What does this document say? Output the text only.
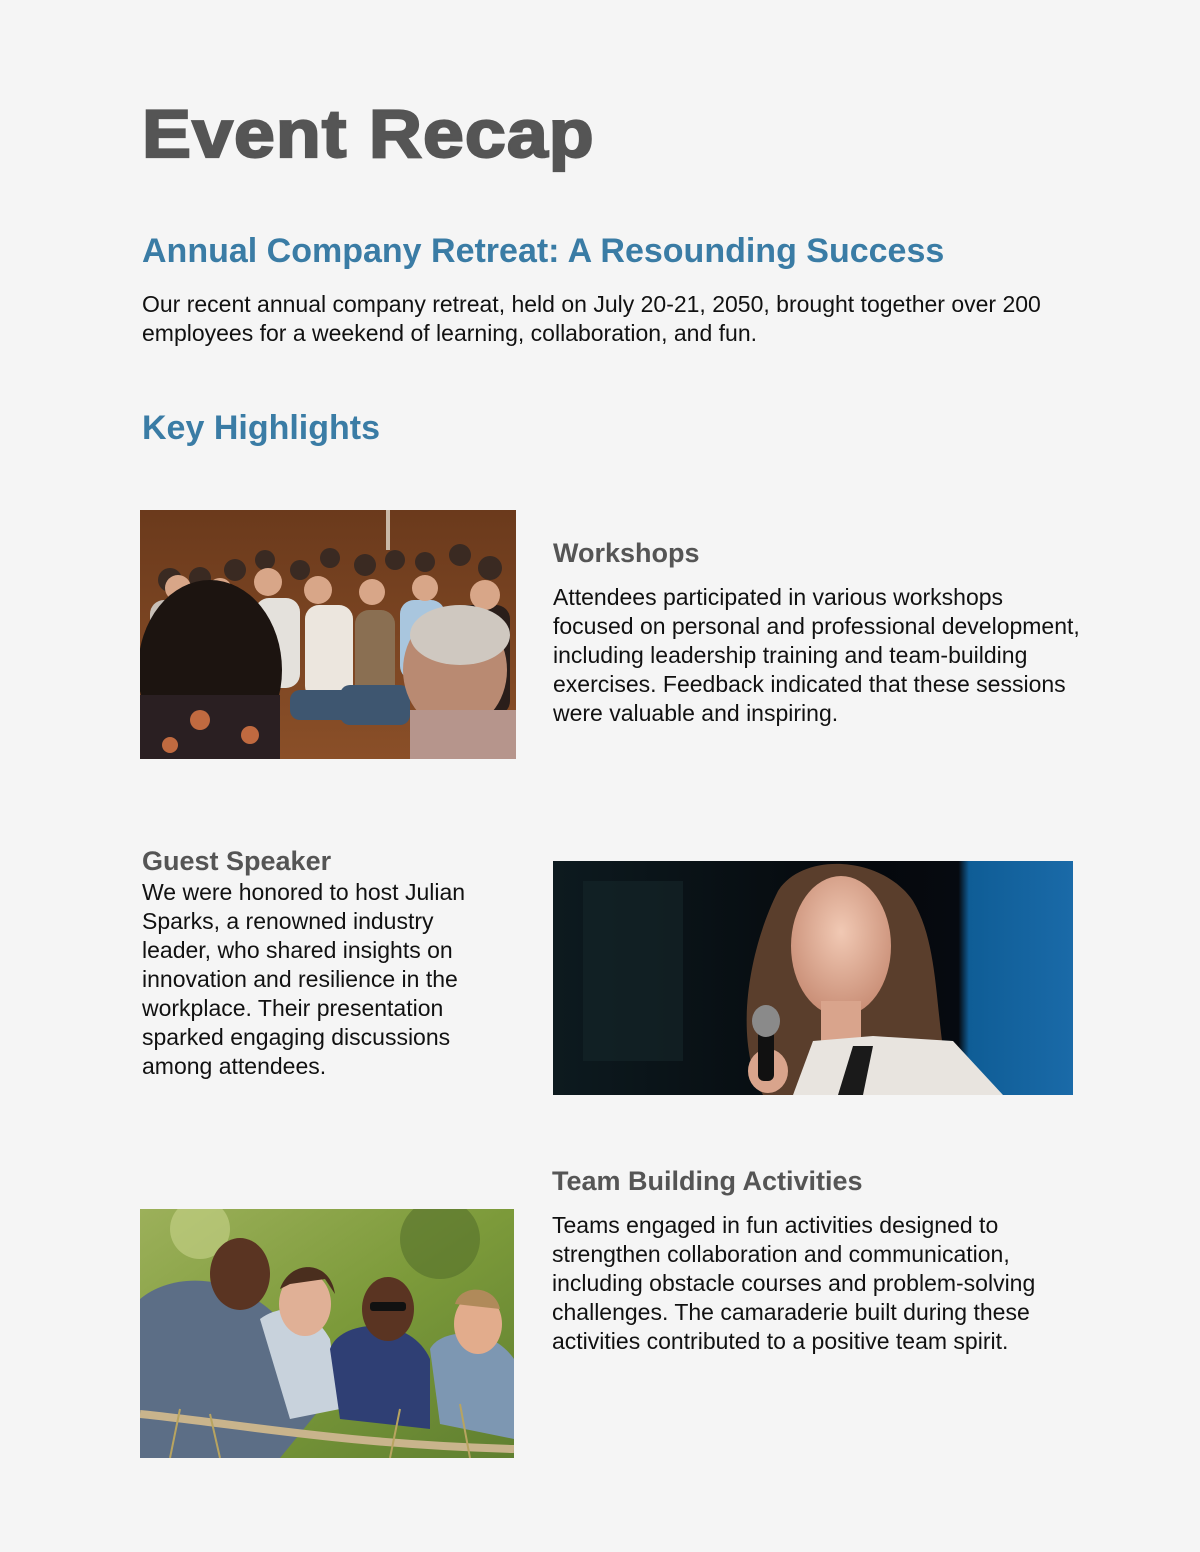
Event Recap
Annual Company Retreat: A Resounding Success

Our recent annual company retreat, held on July 20-21, 2050, brought together over 200 employees for a weekend of learning, collaboration, and fun.

Key Highlights
Workshops

Attendees participated in various workshops focused on personal and professional development, including leadership training and team-building exercises. Feedback indicated that these sessions were valuable and inspiring.

Guest Speaker

We were honored to host Julian Sparks, a renowned industry leader, who shared insights on innovation and resilience in the workplace. Their presentation sparked engaging discussions among attendees.

Team Building Activities

Teams engaged in fun activities designed to strengthen collaboration and communication, including obstacle courses and problem-solving challenges. The camaraderie built during these activities contributed to a positive team spirit.
